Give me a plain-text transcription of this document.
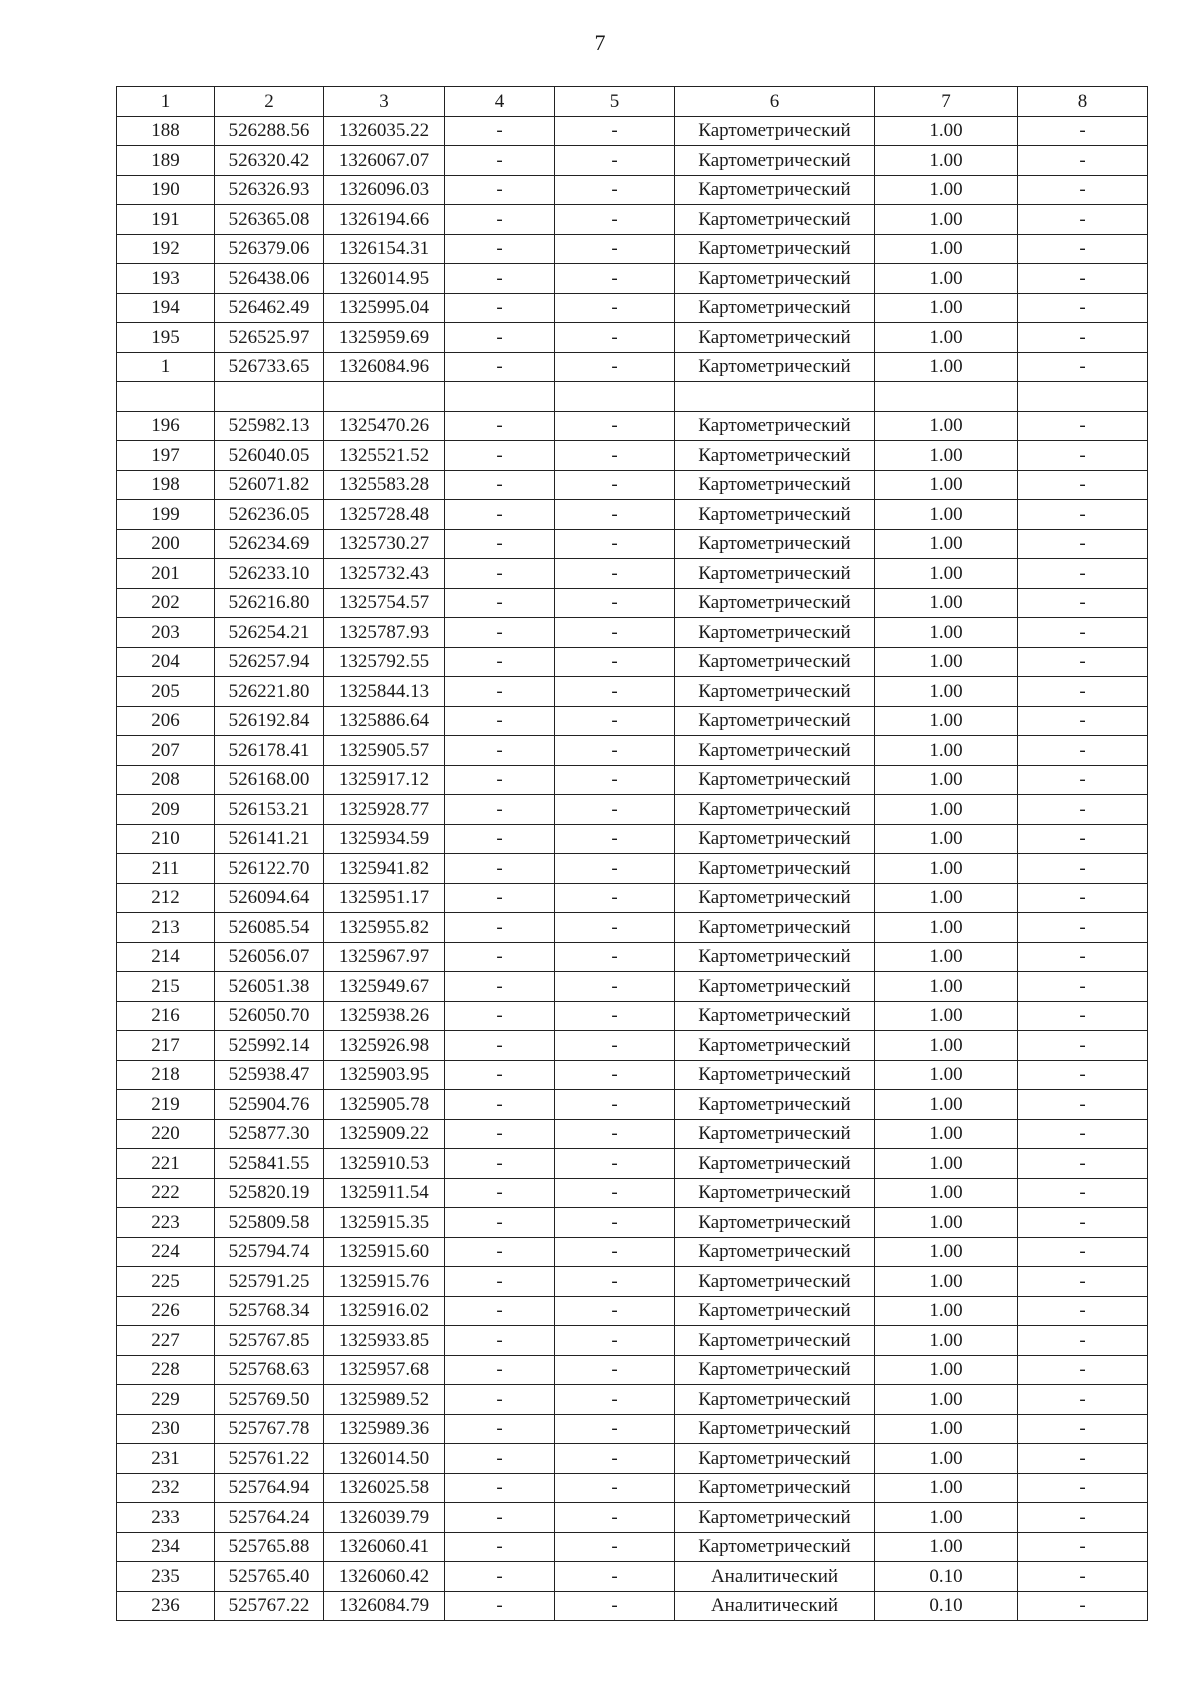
7
1	2	3	4	5	6	7	8
188	526288.56	1326035.22	-	-	Картометрический	1.00	-
189	526320.42	1326067.07	-	-	Картометрический	1.00	-
190	526326.93	1326096.03	-	-	Картометрический	1.00	-
191	526365.08	1326194.66	-	-	Картометрический	1.00	-
192	526379.06	1326154.31	-	-	Картометрический	1.00	-
193	526438.06	1326014.95	-	-	Картометрический	1.00	-
194	526462.49	1325995.04	-	-	Картометрический	1.00	-
195	526525.97	1325959.69	-	-	Картометрический	1.00	-
1	526733.65	1326084.96	-	-	Картометрический	1.00	-

196	525982.13	1325470.26	-	-	Картометрический	1.00	-
197	526040.05	1325521.52	-	-	Картометрический	1.00	-
198	526071.82	1325583.28	-	-	Картометрический	1.00	-
199	526236.05	1325728.48	-	-	Картометрический	1.00	-
200	526234.69	1325730.27	-	-	Картометрический	1.00	-
201	526233.10	1325732.43	-	-	Картометрический	1.00	-
202	526216.80	1325754.57	-	-	Картометрический	1.00	-
203	526254.21	1325787.93	-	-	Картометрический	1.00	-
204	526257.94	1325792.55	-	-	Картометрический	1.00	-
205	526221.80	1325844.13	-	-	Картометрический	1.00	-
206	526192.84	1325886.64	-	-	Картометрический	1.00	-
207	526178.41	1325905.57	-	-	Картометрический	1.00	-
208	526168.00	1325917.12	-	-	Картометрический	1.00	-
209	526153.21	1325928.77	-	-	Картометрический	1.00	-
210	526141.21	1325934.59	-	-	Картометрический	1.00	-
211	526122.70	1325941.82	-	-	Картометрический	1.00	-
212	526094.64	1325951.17	-	-	Картометрический	1.00	-
213	526085.54	1325955.82	-	-	Картометрический	1.00	-
214	526056.07	1325967.97	-	-	Картометрический	1.00	-
215	526051.38	1325949.67	-	-	Картометрический	1.00	-
216	526050.70	1325938.26	-	-	Картометрический	1.00	-
217	525992.14	1325926.98	-	-	Картометрический	1.00	-
218	525938.47	1325903.95	-	-	Картометрический	1.00	-
219	525904.76	1325905.78	-	-	Картометрический	1.00	-
220	525877.30	1325909.22	-	-	Картометрический	1.00	-
221	525841.55	1325910.53	-	-	Картометрический	1.00	-
222	525820.19	1325911.54	-	-	Картометрический	1.00	-
223	525809.58	1325915.35	-	-	Картометрический	1.00	-
224	525794.74	1325915.60	-	-	Картометрический	1.00	-
225	525791.25	1325915.76	-	-	Картометрический	1.00	-
226	525768.34	1325916.02	-	-	Картометрический	1.00	-
227	525767.85	1325933.85	-	-	Картометрический	1.00	-
228	525768.63	1325957.68	-	-	Картометрический	1.00	-
229	525769.50	1325989.52	-	-	Картометрический	1.00	-
230	525767.78	1325989.36	-	-	Картометрический	1.00	-
231	525761.22	1326014.50	-	-	Картометрический	1.00	-
232	525764.94	1326025.58	-	-	Картометрический	1.00	-
233	525764.24	1326039.79	-	-	Картометрический	1.00	-
234	525765.88	1326060.41	-	-	Картометрический	1.00	-
235	525765.40	1326060.42	-	-	Аналитический	0.10	-
236	525767.22	1326084.79	-	-	Аналитический	0.10	-
